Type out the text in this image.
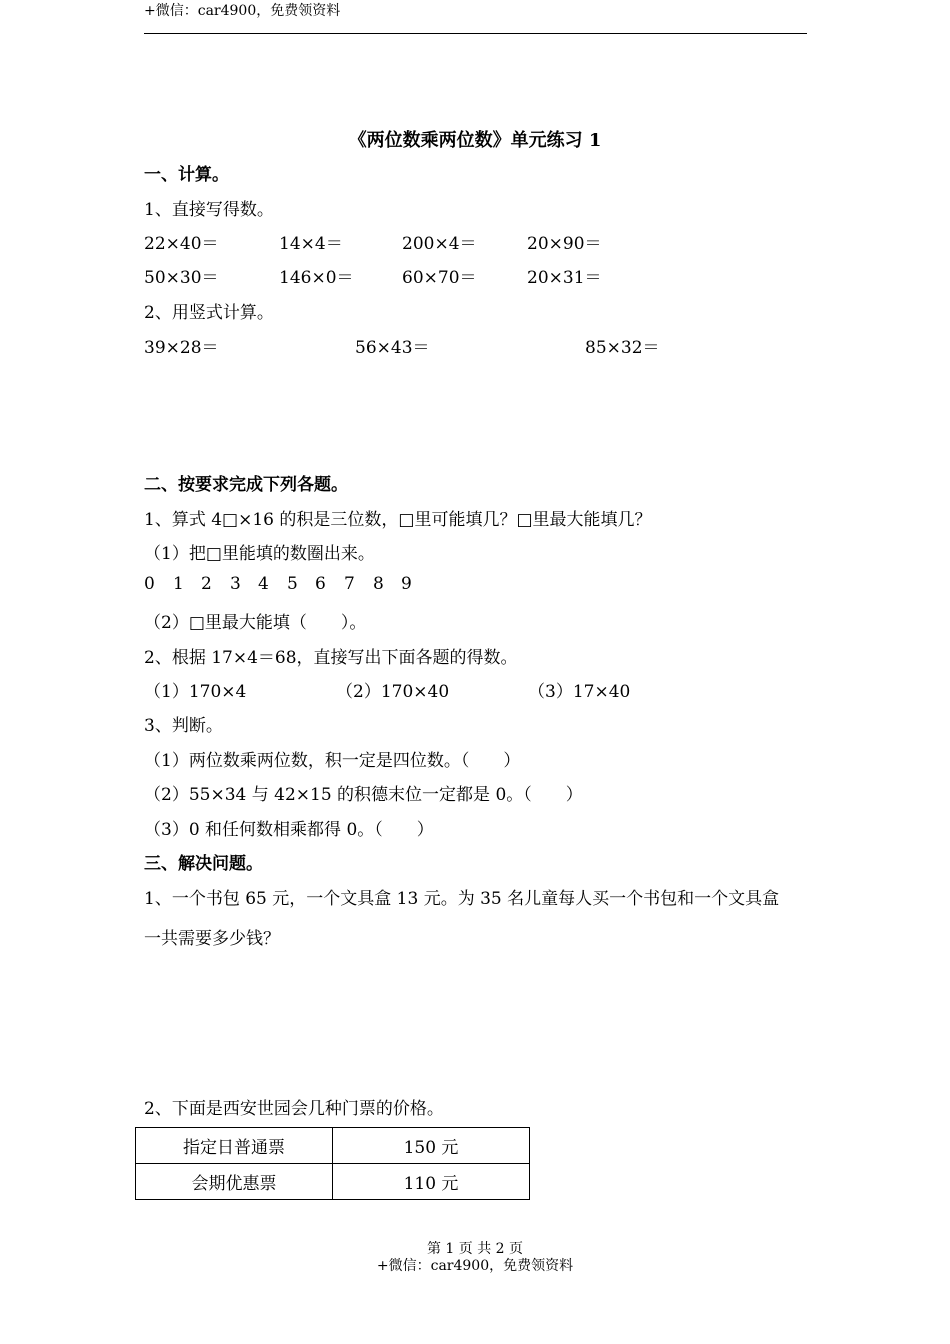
+微信：car4900，免费领资料
《两位数乘两位数》单元练习 1
一、计算。
1、直接写得数。
22×40＝	14×4＝	200×4＝	20×90＝
50×30＝	146×0＝	60×70＝	20×31＝
2、用竖式计算。
39×28＝	56×43＝	85×32＝
二、按要求完成下列各题。
1、算式 4□×16 的积是三位数，□里可能填几？□里最大能填几？
（1）把□里能填的数圈出来。
0 1 2 3 4 5 6 7 8 9
（2）□里最大能填（　　）。
2、根据 17×4＝68，直接写出下面各题的得数。
（1）170×4	（2）170×40	（3）17×40
3、判断。
（1）两位数乘两位数，积一定是四位数。（　　）
（2）55×34 与 42×15 的积德末位一定都是 0。（　　）
（3）0 和任何数相乘都得 0。（　　）
三、解决问题。
1、一个书包 65 元，一个文具盒 13 元。为 35 名儿童每人买一个书包和一个文具盒
一共需要多少钱？
2、下面是西安世园会几种门票的价格。
指定日普通票	150 元
会期优惠票	110 元
第 1 页 共 2 页
+微信：car4900，免费领资料
